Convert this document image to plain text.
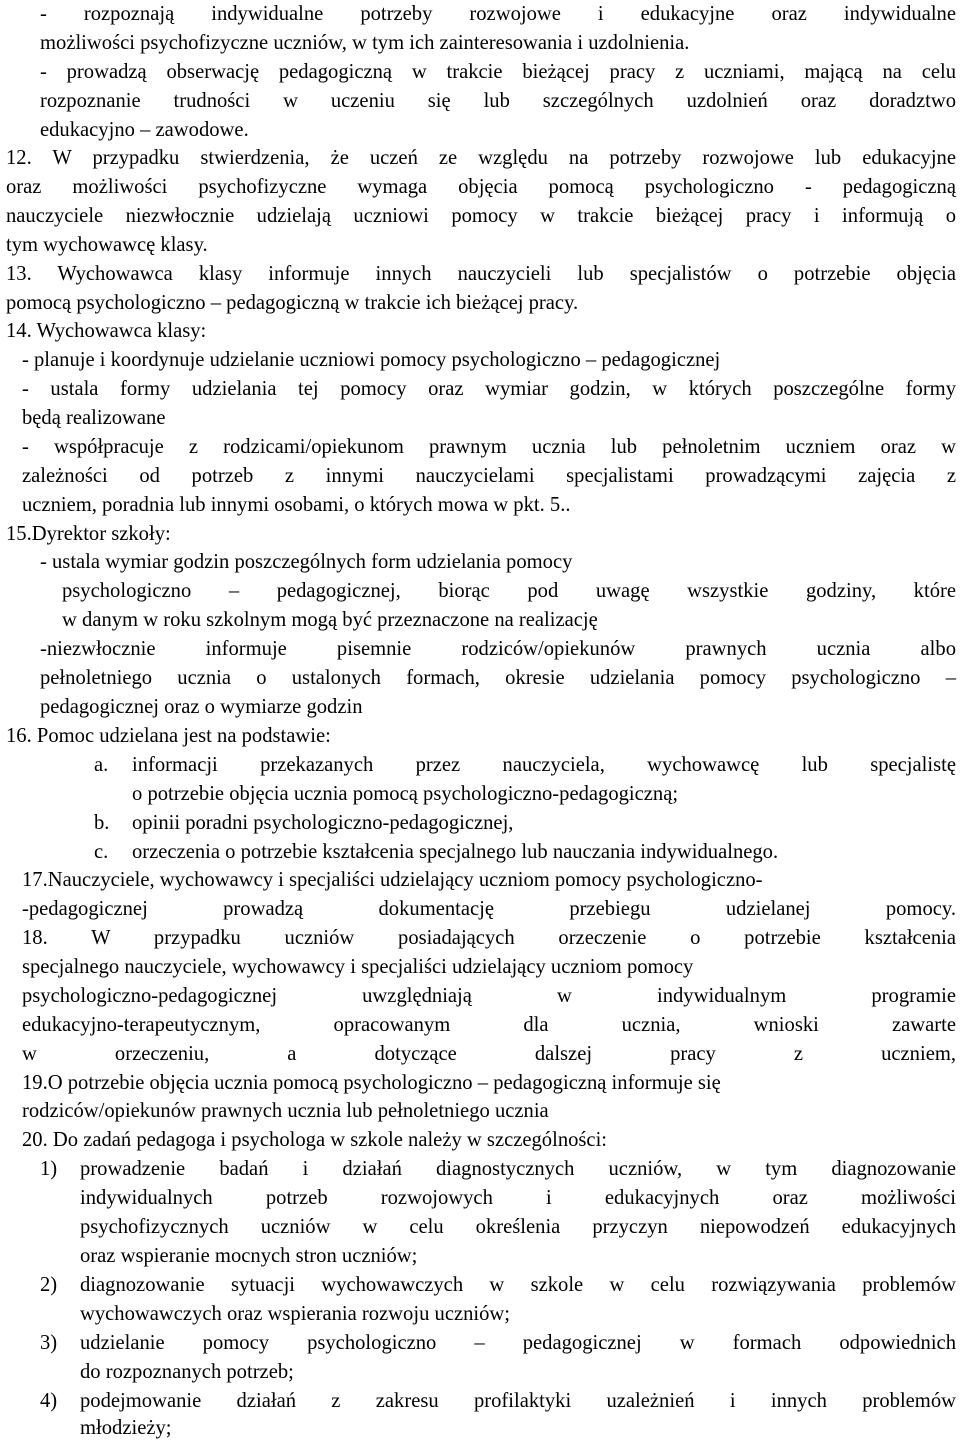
- rozpoznają indywidualne potrzeby rozwojowe i edukacyjne oraz indywidualne
możliwości psychofizyczne uczniów, w tym ich zainteresowania i uzdolnienia.
- prowadzą obserwację pedagogiczną w trakcie bieżącej pracy z uczniami, mającą na celu
rozpoznanie trudności w uczeniu się lub szczególnych uzdolnień oraz doradztwo
edukacyjno – zawodowe.
12. W przypadku stwierdzenia, że uczeń ze względu na potrzeby rozwojowe lub edukacyjne
oraz możliwości psychofizyczne wymaga objęcia pomocą psychologiczno - pedagogiczną
nauczyciele niezwłocznie udzielają uczniowi pomocy w trakcie bieżącej pracy i informują o
tym wychowawcę klasy.
13. Wychowawca klasy informuje innych nauczycieli lub specjalistów o potrzebie objęcia
pomocą psychologiczno – pedagogiczną w trakcie ich bieżącej pracy.
14. Wychowawca klasy:
- planuje i koordynuje udzielanie uczniowi pomocy psychologiczno – pedagogicznej
- ustala formy udzielania tej pomocy oraz wymiar godzin, w których poszczególne formy
będą realizowane
- współpracuje z rodzicami/opiekunom prawnym ucznia lub pełnoletnim uczniem oraz w
zależności od potrzeb z innymi nauczycielami specjalistami prowadzącymi zajęcia z
uczniem, poradnia lub innymi osobami, o których mowa w pkt. 5..
15.Dyrektor szkoły:
- ustala wymiar godzin poszczególnych form udzielania pomocy
psychologiczno – pedagogicznej, biorąc pod uwagę wszystkie godziny, które
w danym w roku szkolnym mogą być przeznaczone na realizację
-niezwłocznie informuje pisemnie rodziców/opiekunów prawnych ucznia albo
pełnoletniego ucznia o ustalonych formach, okresie udzielania pomocy psychologiczno –
pedagogicznej oraz o wymiarze godzin
16. Pomoc udzielana jest na podstawie:
a. informacji przekazanych przez nauczyciela, wychowawcę lub specjalistę
o potrzebie objęcia ucznia pomocą psychologiczno-pedagogiczną;
b. opinii poradni psychologiczno-pedagogicznej,
c. orzeczenia o potrzebie kształcenia specjalnego lub nauczania indywidualnego.
17.Nauczyciele, wychowawcy i specjaliści udzielający uczniom pomocy psychologiczno-
-pedagogicznej prowadzą dokumentację przebiegu udzielanej pomocy.
18. W przypadku uczniów posiadających orzeczenie o potrzebie kształcenia
specjalnego nauczyciele, wychowawcy i specjaliści udzielający uczniom pomocy
psychologiczno-pedagogicznej uwzględniają w indywidualnym programie
edukacyjno-terapeutycznym, opracowanym dla ucznia, wnioski zawarte
w orzeczeniu, a dotyczące dalszej pracy z uczniem,
19.O potrzebie objęcia ucznia pomocą psychologiczno – pedagogiczną informuje się
rodziców/opiekunów prawnych ucznia lub pełnoletniego ucznia
20. Do zadań pedagoga i psychologa w szkole należy w szczególności:
1) prowadzenie badań i działań diagnostycznych uczniów, w tym diagnozowanie
indywidualnych potrzeb rozwojowych i edukacyjnych oraz możliwości
psychofizycznych uczniów w celu określenia przyczyn niepowodzeń edukacyjnych
oraz wspieranie mocnych stron uczniów;
2) diagnozowanie sytuacji wychowawczych w szkole w celu rozwiązywania problemów
wychowawczych oraz wspierania rozwoju uczniów;
3) udzielanie pomocy psychologiczno – pedagogicznej w formach odpowiednich
do rozpoznanych potrzeb;
4) podejmowanie działań z zakresu profilaktyki uzależnień i innych problemów
młodzieży;
